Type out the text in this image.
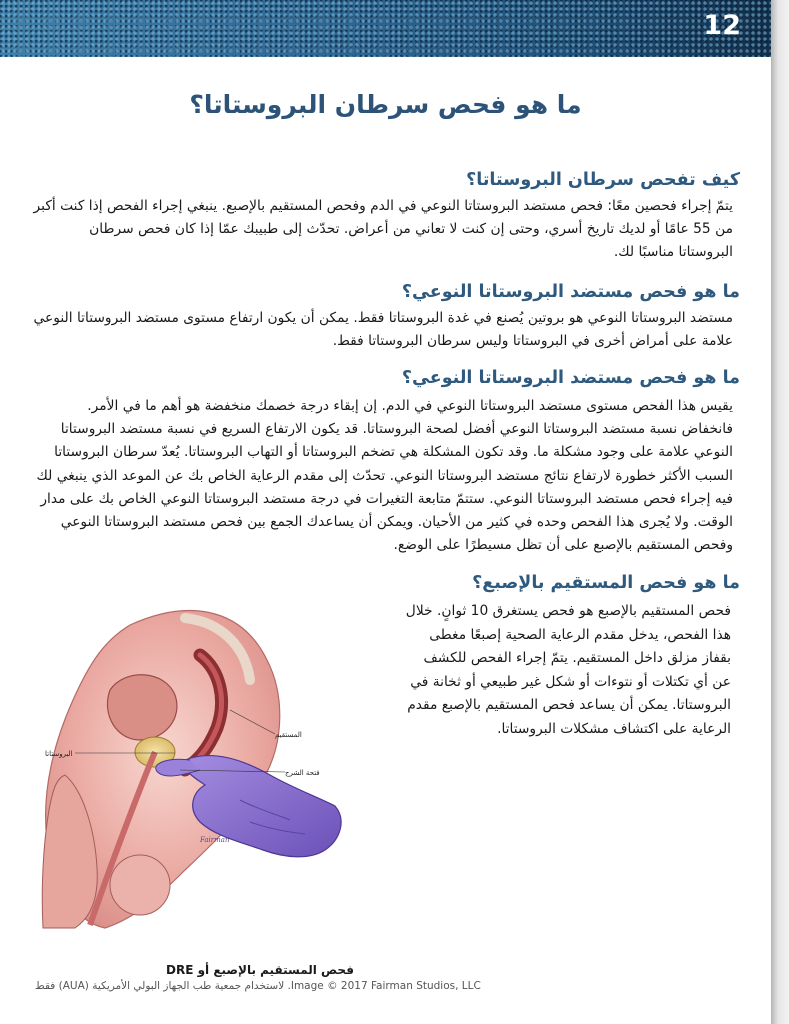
12
ما هو فحص سرطان البروستاتا؟
كيف تفحص سرطان البروستاتا؟

يتمّ إجراء فحصين معًا: فحص مستضد البروستاتا النوعي في الدم وفحص المستقيم بالإصبع. ينبغي إجراء الفحص إذا كنت أكبر من 55 عامًا أو لديك تاريخ أسري، وحتى إن كنت لا تعاني من أعراض. تحدّث إلى طبيبك عمّا إذا كان فحص سرطان البروستاتا مناسبًا لك.

ما هو فحص مستضد البروستاتا النوعي؟

مستضد البروستاتا النوعي هو بروتين يُصنع في غدة البروستاتا فقط. يمكن أن يكون ارتفاع مستوى مستضد البروستاتا النوعي علامة على أمراض أخرى في البروستاتا وليس سرطان البروستاتا فقط.

ما هو فحص مستضد البروستاتا النوعي؟

يقيس هذا الفحص مستوى مستضد البروستاتا النوعي في الدم. إن إبقاء درجة خصمك منخفضة هو أهم ما في الأمر. فانخفاض نسبة مستضد البروستاتا النوعي أفضل لصحة البروستاتا. قد يكون الارتفاع السريع في نسبة مستضد البروستاتا النوعي علامة على وجود مشكلة ما. وقد تكون المشكلة هي تضخم البروستاتا أو التهاب البروستاتا. يُعدّ سرطان البروستاتا السبب الأكثر خطورة لارتفاع نتائج مستضد البروستاتا النوعي. تحدّث إلى مقدم الرعاية الخاص بك عن الموعد الذي ينبغي لك فيه إجراء فحص مستضد البروستاتا النوعي. ستتمّ متابعة التغيرات في درجة مستضد البروستاتا النوعي الخاص بك على مدار الوقت. ولا يُجرى هذا الفحص وحده في كثير من الأحيان. ويمكن أن يساعدك الجمع بين فحص مستضد البروستاتا النوعي وفحص المستقيم بالإصبع على أن تظل مسيطرًا على الوضع.

ما هو فحص المستقيم بالإصبع؟

فحص المستقيم بالإصبع هو فحص يستغرق 10 ثوانٍ. خلال هذا الفحص، يدخل مقدم الرعاية الصحية إصبعًا مغطى بقفاز مزلق داخل المستقيم. يتمّ إجراء الفحص للكشف عن أي تكتلات أو نتوءات أو شكل غير طبيعي أو ثخانة في البروستاتا. يمكن أن يساعد فحص المستقيم بالإصبع مقدم الرعاية على اكتشاف مشكلات البروستاتا.

المستقيم
البروستاتا
فتحة الشرج
Fairman
فحص المستقيم بالإصبع أو DRE
Image © 2017 Fairman Studios, LLC. لاستخدام جمعية طب الجهاز البولي الأمريكية (AUA) فقط
